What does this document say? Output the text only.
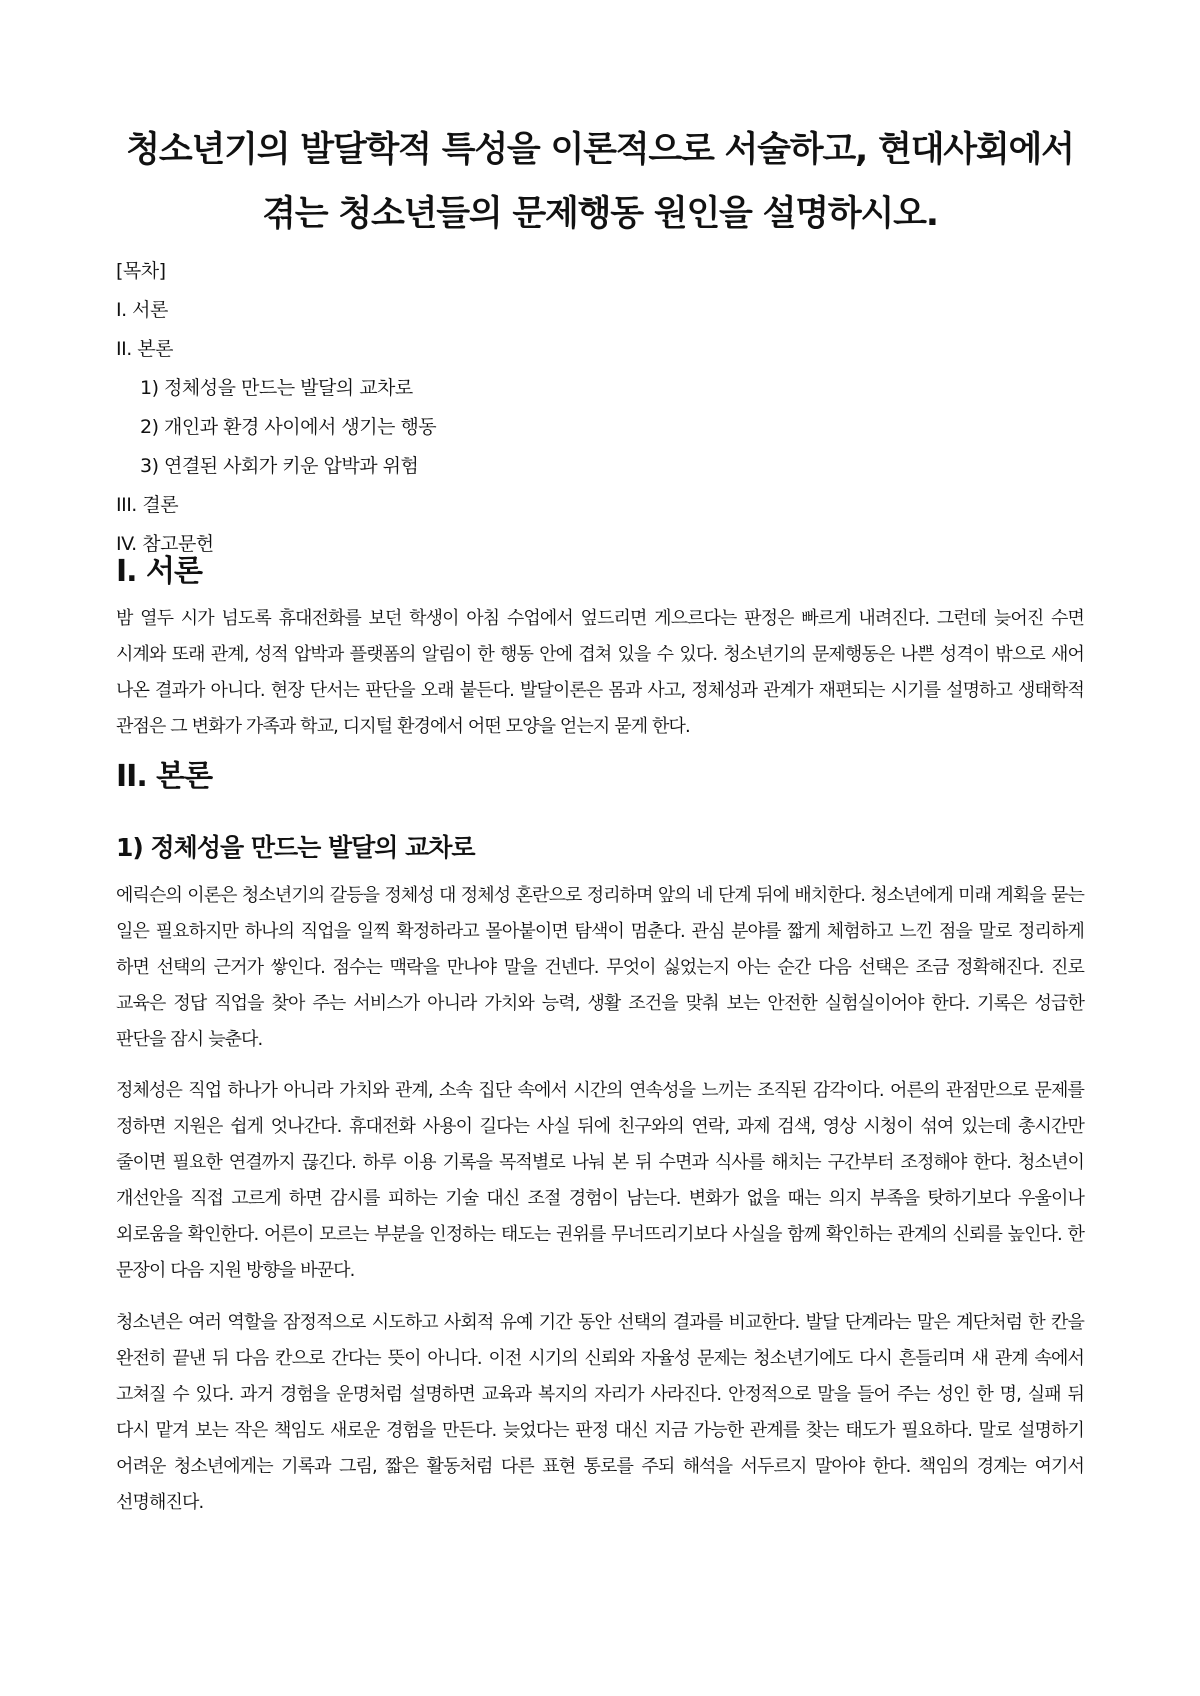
청소년기의 발달학적 특성을 이론적으로 서술하고, 현대사회에서 겪는 청소년들의 문제행동 원인을 설명하시오.
[목차]
I. 서론
II. 본론
1) 정체성을 만드는 발달의 교차로
2) 개인과 환경 사이에서 생기는 행동
3) 연결된 사회가 키운 압박과 위험
III. 결론
IV. 참고문헌
I. 서론

밤 열두 시가 넘도록 휴대전화를 보던 학생이 아침 수업에서 엎드리면 게으르다는 판정은 빠르게 내려진다. 그런데 늦어진 수면 시계와 또래 관계, 성적 압박과 플랫폼의 알림이 한 행동 안에 겹쳐 있을 수 있다. 청소년기의 문제행동은 나쁜 성격이 밖으로 새어 나온 결과가 아니다. 현장 단서는 판단을 오래 붙든다. 발달이론은 몸과 사고, 정체성과 관계가 재편되는 시기를 설명하고 생태학적 관점은 그 변화가 가족과 학교, 디지털 환경에서 어떤 모양을 얻는지 묻게 한다.

II. 본론
1) 정체성을 만드는 발달의 교차로

에릭슨의 이론은 청소년기의 갈등을 정체성 대 정체성 혼란으로 정리하며 앞의 네 단계 뒤에 배치한다. 청소년에게 미래 계획을 묻는 일은 필요하지만 하나의 직업을 일찍 확정하라고 몰아붙이면 탐색이 멈춘다. 관심 분야를 짧게 체험하고 느낀 점을 말로 정리하게 하면 선택의 근거가 쌓인다. 점수는 맥락을 만나야 말을 건넨다. 무엇이 싫었는지 아는 순간 다음 선택은 조금 정확해진다. 진로 교육은 정답 직업을 찾아 주는 서비스가 아니라 가치와 능력, 생활 조건을 맞춰 보는 안전한 실험실이어야 한다. 기록은 성급한 판단을 잠시 늦춘다.

정체성은 직업 하나가 아니라 가치와 관계, 소속 집단 속에서 시간의 연속성을 느끼는 조직된 감각이다. 어른의 관점만으로 문제를 정하면 지원은 쉽게 엇나간다. 휴대전화 사용이 길다는 사실 뒤에 친구와의 연락, 과제 검색, 영상 시청이 섞여 있는데 총시간만 줄이면 필요한 연결까지 끊긴다. 하루 이용 기록을 목적별로 나눠 본 뒤 수면과 식사를 해치는 구간부터 조정해야 한다. 청소년이 개선안을 직접 고르게 하면 감시를 피하는 기술 대신 조절 경험이 남는다. 변화가 없을 때는 의지 부족을 탓하기보다 우울이나 외로움을 확인한다. 어른이 모르는 부분을 인정하는 태도는 권위를 무너뜨리기보다 사실을 함께 확인하는 관계의 신뢰를 높인다. 한 문장이 다음 지원 방향을 바꾼다.

청소년은 여러 역할을 잠정적으로 시도하고 사회적 유예 기간 동안 선택의 결과를 비교한다. 발달 단계라는 말은 계단처럼 한 칸을 완전히 끝낸 뒤 다음 칸으로 간다는 뜻이 아니다. 이전 시기의 신뢰와 자율성 문제는 청소년기에도 다시 흔들리며 새 관계 속에서 고쳐질 수 있다. 과거 경험을 운명처럼 설명하면 교육과 복지의 자리가 사라진다. 안정적으로 말을 들어 주는 성인 한 명, 실패 뒤 다시 맡겨 보는 작은 책임도 새로운 경험을 만든다. 늦었다는 판정 대신 지금 가능한 관계를 찾는 태도가 필요하다. 말로 설명하기 어려운 청소년에게는 기록과 그림, 짧은 활동처럼 다른 표현 통로를 주되 해석을 서두르지 말아야 한다. 책임의 경계는 여기서 선명해진다.
